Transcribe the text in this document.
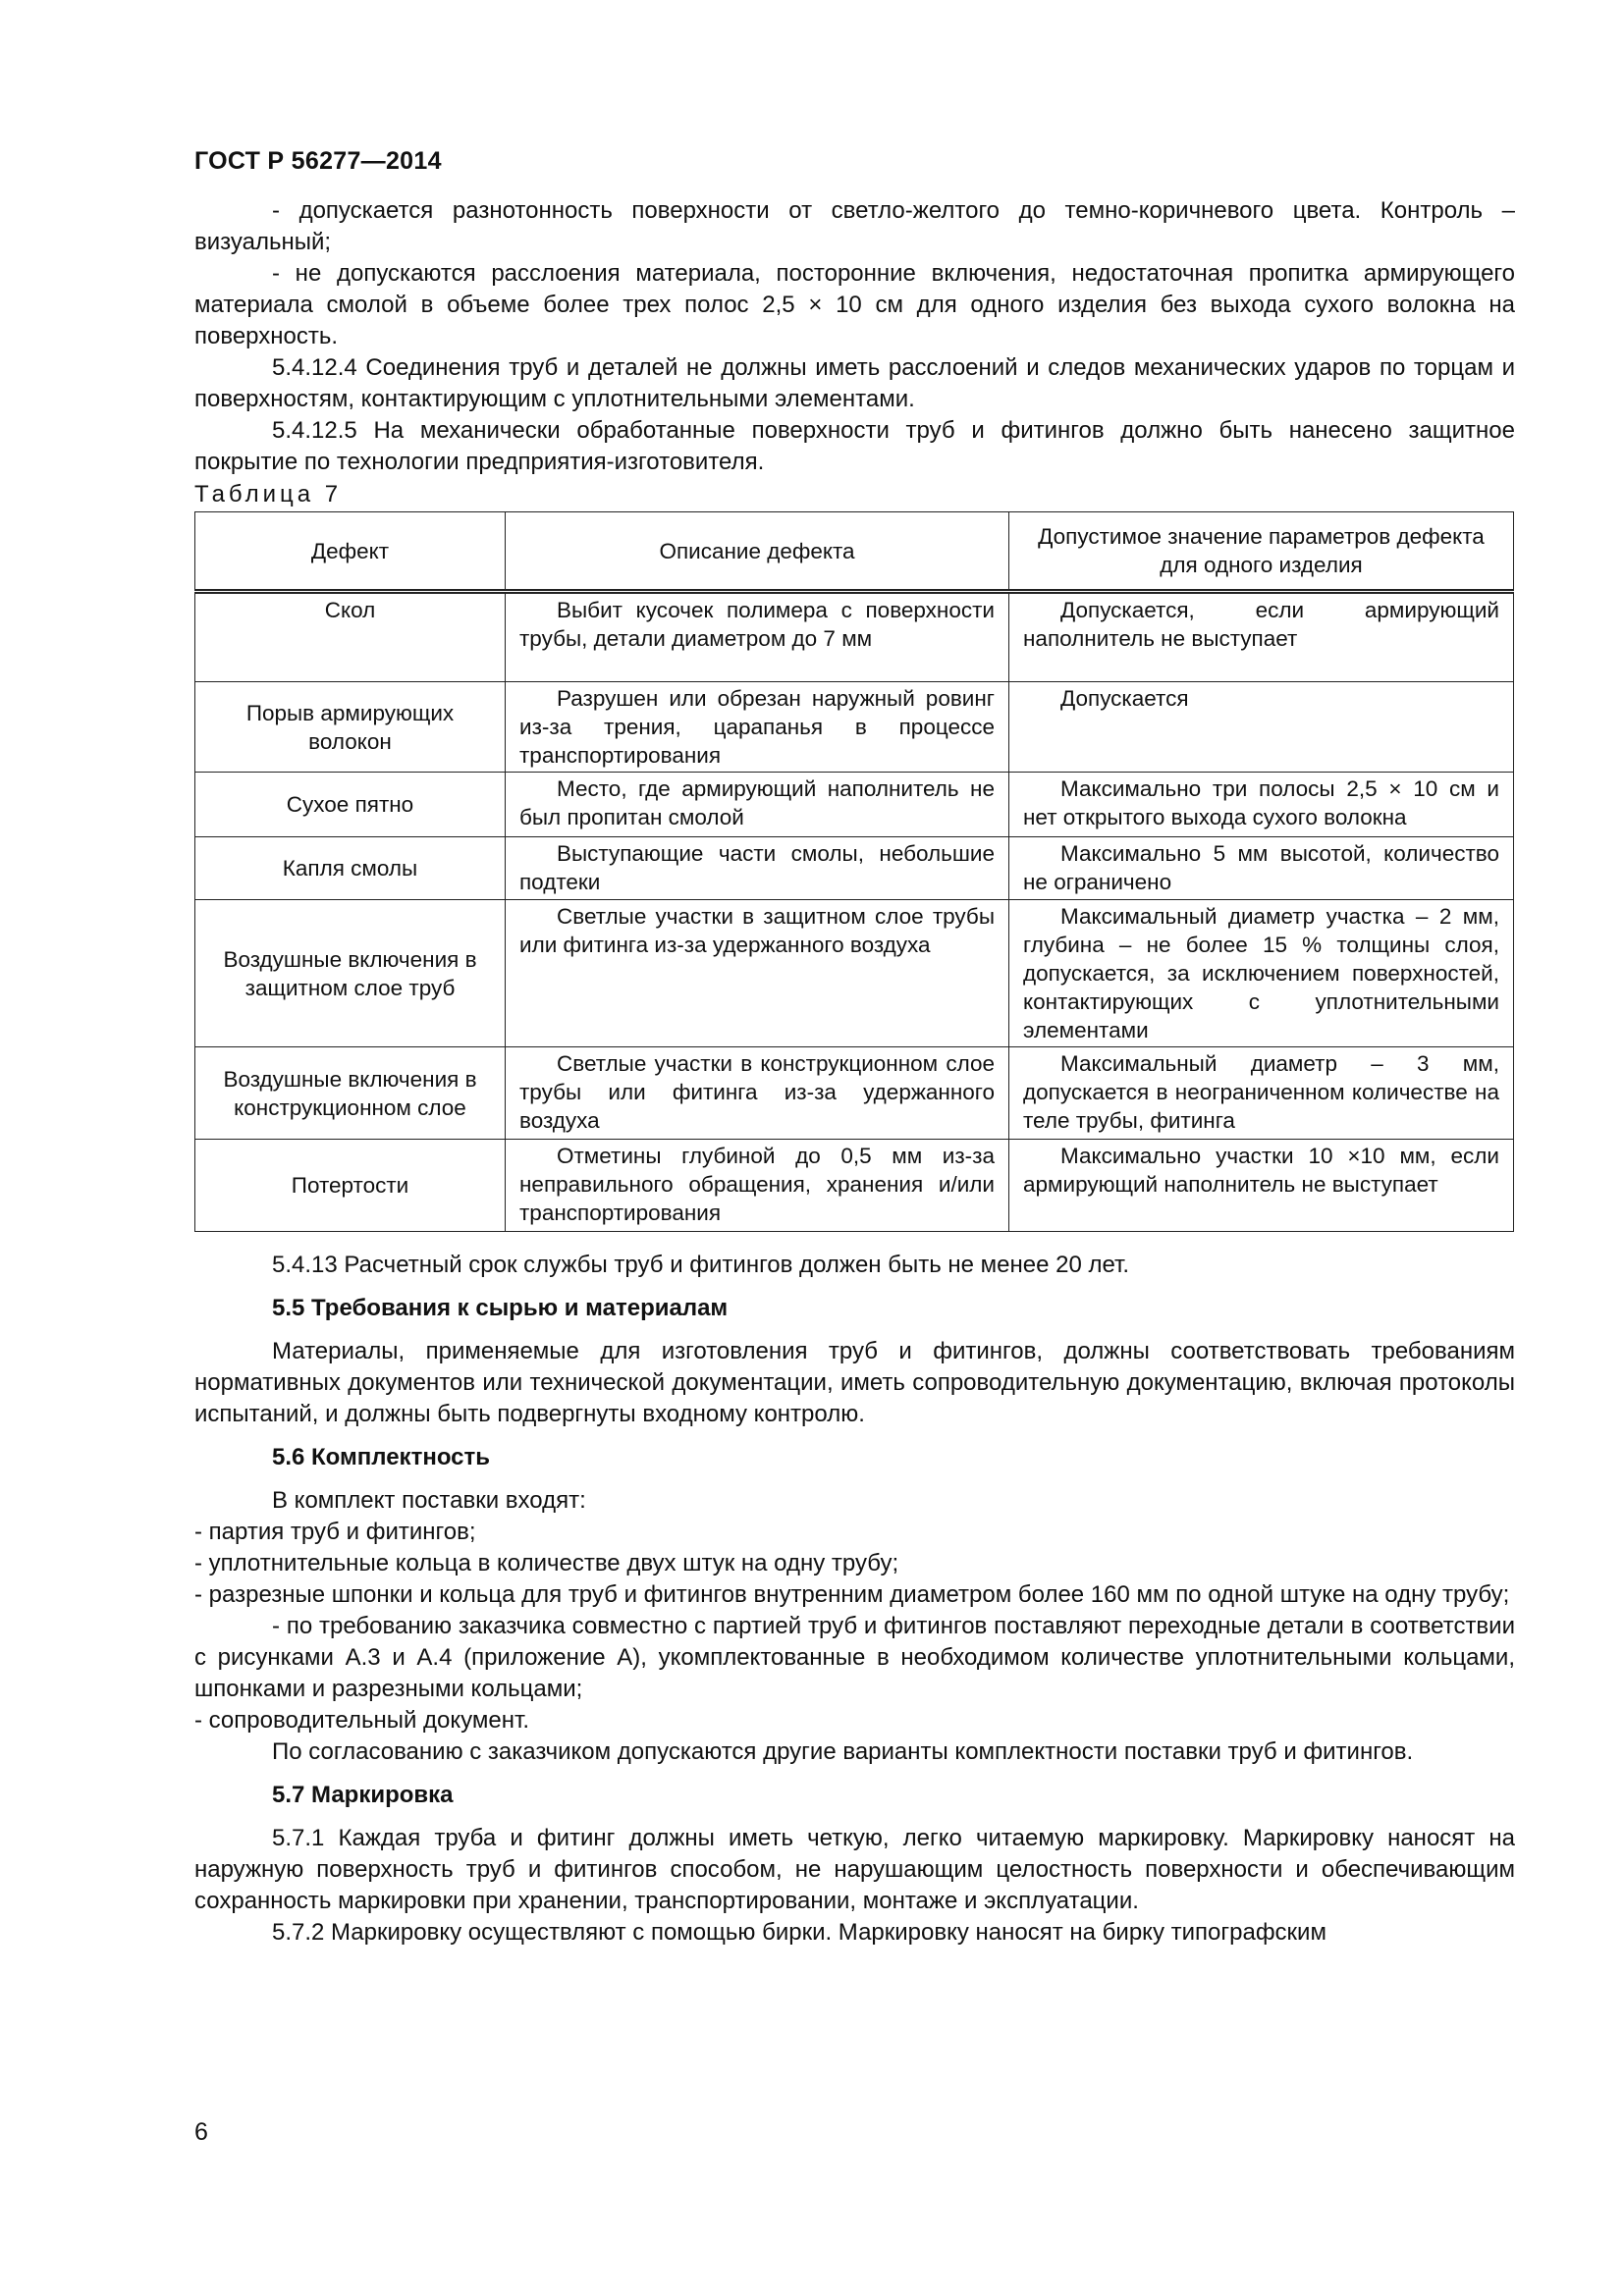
ГОСТ Р 56277—2014

- допускается разнотонность поверхности от светло-желтого до темно-коричневого цвета. Контроль – визуальный;

- не допускаются расслоения материала, посторонние включения, недостаточная пропитка армирующего материала смолой в объеме более трех полос 2,5 × 10 см для одного изделия без выхода сухого волокна на поверхность.

5.4.12.4 Соединения труб и деталей не должны иметь расслоений и следов механических ударов по торцам и поверхностям, контактирующим с уплотнительными элементами.

5.4.12.5 На механически обработанные поверхности труб и фитингов должно быть нанесено защитное покрытие по технологии предприятия-изготовителя.

Таблица 7
Дефект	Описание дефекта	Допустимое значение параметров дефекта для одного изделия
Скол	Выбит кусочек полимера с поверхности трубы, детали диаметром до 7 мм	Допускается, если армирующий наполнитель не выступает
Порыв армирующих волокон	Разрушен или обрезан наружный ровинг из-за трения, царапанья в процессе транспортирования	Допускается
Сухое пятно	Место, где армирующий наполнитель не был пропитан смолой	Максимально три полосы 2,5 × 10 см и нет открытого выхода сухого волокна
Капля смолы	Выступающие части смолы, небольшие подтеки	Максимально 5 мм высотой, количество не ограничено
Воздушные включения в защитном слое труб	Светлые участки в защитном слое трубы или фитинга из-за удержанного воздуха	Максимальный диаметр участка – 2 мм, глубина – не более 15 % толщины слоя, допускается, за исключением поверхностей, контактирующих с уплотнительными элементами
Воздушные включения в конструкционном слое	Светлые участки в конструкционном слое трубы или фитинга из-за удержанного воздуха	Максимальный диаметр – 3 мм, допускается в неограниченном количестве на теле трубы, фитинга
Потертости	Отметины глубиной до 0,5 мм из-за неправильного обращения, хранения и/или транспортирования	Максимально участки 10 ×10 мм, если армирующий наполнитель не выступает

5.4.13 Расчетный срок службы труб и фитингов должен быть не менее 20 лет.

5.5 Требования к сырью и материалам

Материалы, применяемые для изготовления труб и фитингов, должны соответствовать требованиям нормативных документов или технической документации, иметь сопроводительную документацию, включая протоколы испытаний, и должны быть подвергнуты входному контролю.

5.6 Комплектность

В комплект поставки входят:

- партия труб и фитингов;

- уплотнительные кольца в количестве двух штук на одну трубу;

- разрезные шпонки и кольца для труб и фитингов внутренним диаметром более 160 мм по одной штуке на одну трубу;

- по требованию заказчика совместно с партией труб и фитингов поставляют переходные детали в соответствии с рисунками А.3 и А.4 (приложение А), укомплектованные в необходимом количестве уплотнительными кольцами, шпонками и разрезными кольцами;

- сопроводительный документ.

По согласованию с заказчиком допускаются другие варианты комплектности поставки труб и фитингов.

5.7 Маркировка

5.7.1 Каждая труба и фитинг должны иметь четкую, легко читаемую маркировку. Маркировку наносят на наружную поверхность труб и фитингов способом, не нарушающим целостность поверхности и обеспечивающим сохранность маркировки при хранении, транспортировании, монтаже и эксплуатации.

5.7.2 Маркировку осуществляют с помощью бирки. Маркировку наносят на бирку типографским

6
